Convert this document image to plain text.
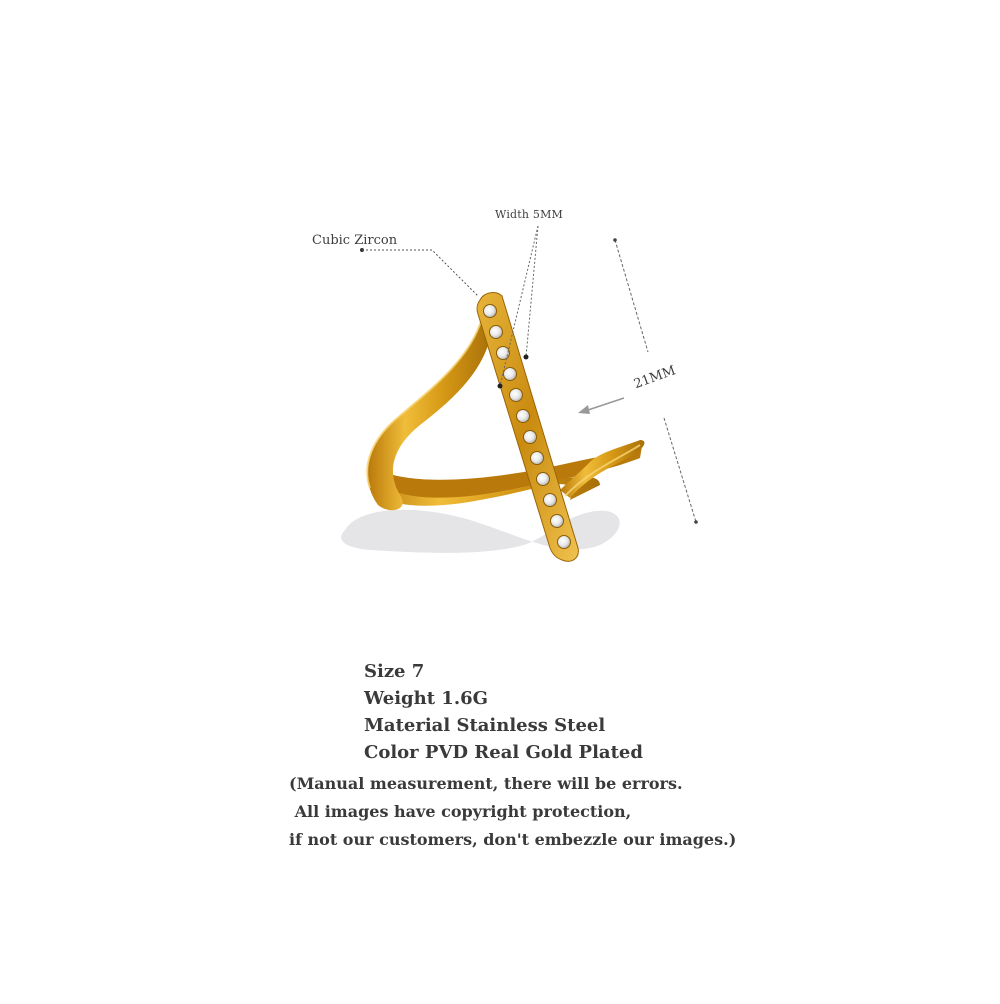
Cubic Zircon
Width 5MM
21MM
Size 7
Weight 1.6G
Material Stainless Steel
Color PVD Real Gold Plated
(Manual measurement, there will be errors.
All images have copyright protection,
if not our customers, don't embezzle our images.)
